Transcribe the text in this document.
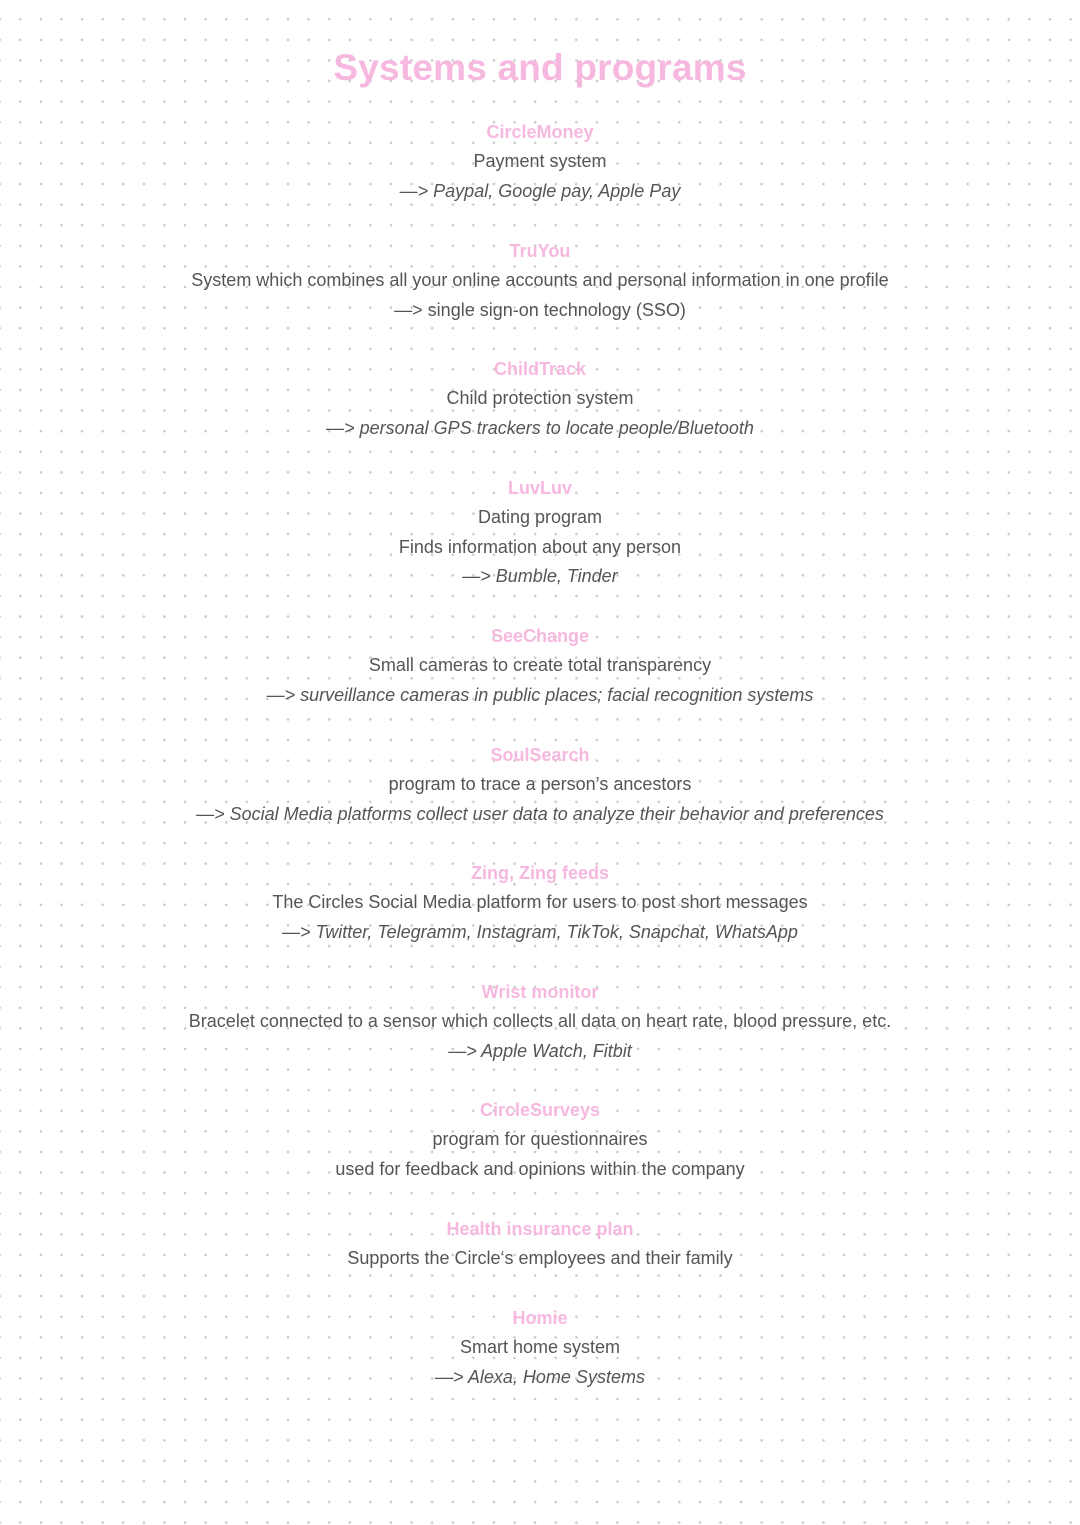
Systems and programs
CircleMoney
Payment system
—> Paypal, Google pay, Apple Pay
TruYou
System which combines all your online accounts and personal information in one profile
—> single sign-on technology (SSO)
ChildTrack
Child protection system
—> personal GPS trackers to locate people/Bluetooth
LuvLuv
Dating program
Finds information about any person
—> Bumble, Tinder
SeeChange
Small cameras to create total transparency
—> surveillance cameras in public places; facial recognition systems
SoulSearch
program to trace a person’s ancestors
—> Social Media platforms collect user data to analyze their behavior and preferences
Zing, Zing feeds
The Circles Social Media platform for users to post short messages
—> Twitter, Telegramm, Instagram, TikTok, Snapchat, WhatsApp
Wrist monitor
Bracelet connected to a sensor which collects all data on heart rate, blood pressure, etc.
—> Apple Watch, Fitbit
CircleSurveys
program for questionnaires
used for feedback and opinions within the company
Health insurance plan
Supports the Circle‘s employees and their family
Homie
Smart home system
—> Alexa, Home Systems
